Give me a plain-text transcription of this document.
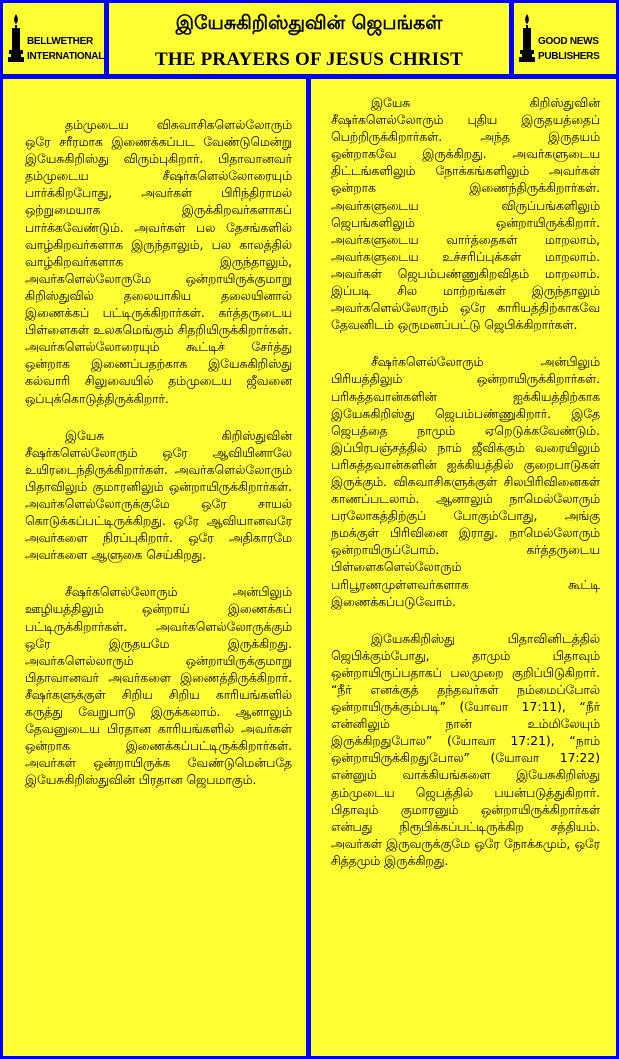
BELLWETHER
INTERNATIONAL
இயேசுகிறிஸ்துவின் ஜெபங்கள்
THE PRAYERS OF JESUS CHRIST
GOOD NEWS
PUBLISHERS

தம்முடைய விசுவாசிகளெல்லோரும் ஒரே சரீரமாக இணைக்கப்பட வேண்டுமென்று இயேசுகிறிஸ்து விரும்புகிறார். பிதாவானவர் தம்முடைய சீஷர்களெல்லோரையும் பார்க்கிறபோது, அவர்கள் பிரிந்திராமல் ஒற்றுமையாக இருக்கிறவர்களாகப் பார்க்கவேண்டும். அவர்கள் பல தேசங்களில் வாழ்கிறவர்களாக இருந்தாலும், பல காலத்தில் வாழ்கிறவர்களாக இருந்தாலும், அவர்களெல்லோருமே ஒன்றாயிருக்குமாறு கிறிஸ்துவில் தலையாகிய தலையினால் இணைக்கப் பட்டிருக்கிறார்கள். கர்த்தருடைய பிள்ளைகள் உலகமெங்கும் சிதறியிருக்கிறார்கள். அவர்களெல்லோரையும் கூட்டிச் சேர்த்து ஒன்றாக இணைப்பதற்காக இயேசுகிறிஸ்து கல்வாரி சிலுவையில் தம்முடைய ஜீவனை ஒப்புக்கொடுத்திருக்கிறார்.

இயேசு கிறிஸ்துவின் சீஷர்களெல்லோரும் ஒரே ஆவியினாலே உயிரடைந்திருக்கிறார்கள். அவர்களெல்லோரும் பிதாவிலும் குமாரனிலும் ஒன்றாயிருக்கிறார்கள். அவர்களெல்லோருக்குமே ஒரே சாயல் கொடுக்கப்பட்டிருக்கிறது. ஒரே ஆவியானவரே அவர்களை நிரப்புகிறார். ஒரே அதிகாரமே அவர்களை ஆளுகை செய்கிறது.

சீஷர்களெல்லோரும் அன்பிலும் ஊழியத்திலும் ஒன்றாய் இணைக்கப் பட்டிருக்கிறார்கள். அவர்களெல்லோருக்கும் ஒரே இருதயமே இருக்கிறது. அவர்களெல்லாரும் ஒன்றாயிருக்குமாறு பிதாவானவர் அவர்களை இணைத்திருக்கிறார். சீஷர்களுக்குள் சிறிய சிறிய காரியங்களில் கருத்து வேறுபாடு இருக்கலாம். ஆனாலும் தேவனுடைய பிரதான காரியங்களில் அவர்கள் ஒன்றாக இணைக்கப்பட்டிருக்கிறார்கள். அவர்கள் ஒன்றாயிருக்க வேண்டுமென்பதே இயேசுகிறிஸ்துவின் பிரதான ஜெபமாகும்.

இயேசு கிறிஸ்துவின் சீஷர்களெல்லோரும் புதிய இருதயத்தைப் பெற்றிருக்கிறார்கள். அந்த இருதயம் ஒன்றாகவே இருக்கிறது. அவர்களுடைய திட்டங்களிலும் நோக்கங்களிலும் அவர்கள் ஒன்றாக இணைந்திருக்கிறார்கள். அவர்களுடைய விருப்பங்களிலும் ஜெபங்களிலும் ஒன்றாயிருக்கிறார். அவர்களுடைய வார்த்தைகள் மாறலாம், அவர்களுடைய உச்சரிப்புக்கள் மாறலாம். அவர்கள் ஜெபம்பண்ணுகிறவிதம் மாறலாம். இப்படி சில மாற்றங்கள் இருந்தாலும் அவர்களெல்லோரும் ஒரே காரியத்திற்காகவே தேவனிடம் ஒருமனப்பட்டு ஜெபிக்கிறார்கள்.

சீஷர்களெல்லோரும் அன்பிலும் பிரியத்திலும் ஒன்றாயிருக்கிறார்கள். பரிசுத்தவான்களின் ஐக்கியத்திற்காக இயேசுகிறிஸ்து ஜெபம்பண்ணுகிறார். இதே ஜெபத்தை நாமும் ஏறெடுக்கவேண்டும். இப்பிரபஞ்சத்தில் நாம் ஜீவிக்கும் வரையிலும் பரிசுத்தவான்களின் ஐக்கியத்தில் குறைபாடுகள் இருக்கும். விசுவாசிகளுக்குள் சிலபிரிவினைகள் காணப்படலாம். ஆனாலும் நாமெல்லோரும் பரலோகத்திற்குப் போகும்போது, அங்கு நமக்குள் பிரிவினை இராது. நாமெல்லோரும் ஒன்றாயிருப்போம். கர்த்தருடைய பிள்ளைகளெல்லோரும் பரிபூரணமுள்ளவர்களாக கூட்டி இணைக்கப்படுவோம்.

இயேசுகிறிஸ்து பிதாவினிடத்தில் ஜெபிக்கும்போது, தாமும் பிதாவும் ஒன்றாயிருப்பதாகப் பலமுறை குறிப்பிடுகிறார். “நீர் எனக்குத் தந்தவர்கள் நம்மைப்போல் ஒன்றாயிருக்கும்படி” (யோவா 17:11), “நீர் என்னிலும் நான் உம்மிலேயும் இருக்கிறதுபோல” (யோவா 17:21), “நாம் ஒன்றாயிருக்கிறதுபோல” (யோவா 17:22) என்னும் வாக்கியங்களை இயேசுகிறிஸ்து தம்முடைய ஜெபத்தில் பயன்படுத்துகிறார். பிதாவும் குமாரனும் ஒன்றாயிருக்கிறார்கள் என்பது நிரூபிக்கப்பட்டிருக்கிற சத்தியம். அவர்கள் இருவருக்குமே ஒரே நோக்கமும், ஒரே சித்தமும் இருக்கிறது.
